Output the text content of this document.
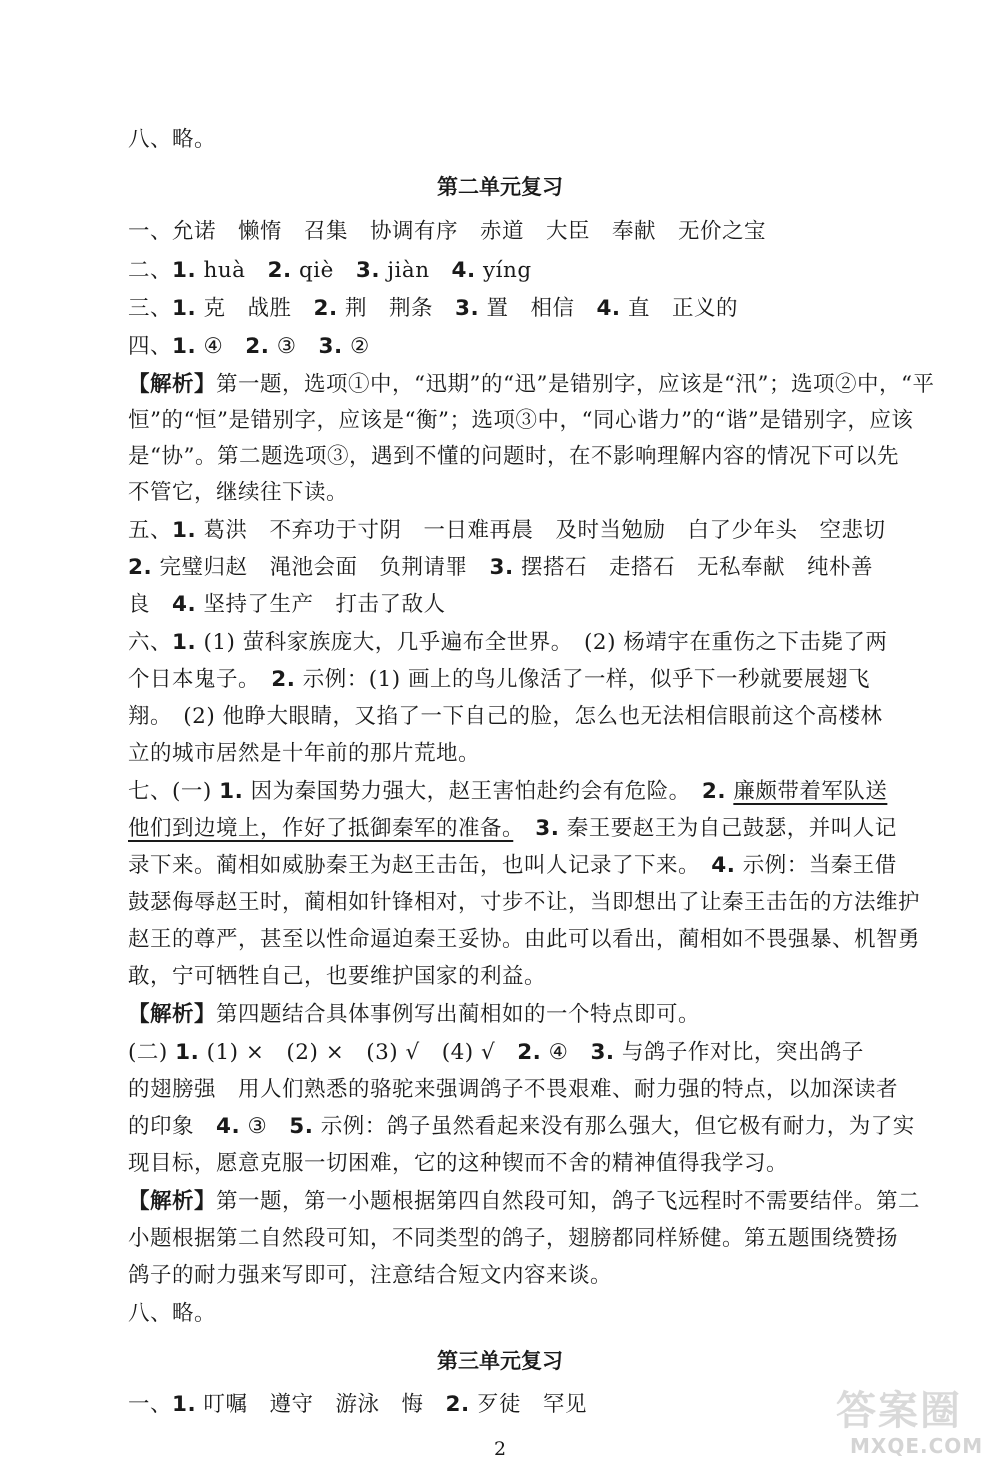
八、略。
第二单元复习
一、允诺　懒惰　召集　协调有序　赤道　大臣　奉献　无价之宝
二、1. huà　2. qiè　3. jiàn　4. yíng
三、1. 克　战胜　2. 荆　荆条　3. 置　相信　4. 直　正义的
四、1. ④　2. ③　3. ②
【解析】第一题，选项①中，“迅期”的“迅”是错别字，应该是“汛”；选项②中，“平
恒”的“恒”是错别字，应该是“衡”；选项③中，“同心谐力”的“谐”是错别字，应该
是“协”。第二题选项③，遇到不懂的问题时，在不影响理解内容的情况下可以先
不管它，继续往下读。
五、1. 葛洪　不弃功于寸阴　一日难再晨　及时当勉励　白了少年头　空悲切
2. 完璧归赵　渑池会面　负荆请罪　3. 摆搭石　走搭石　无私奉献　纯朴善
良　4. 坚持了生产　打击了敌人
六、1. (1) 萤科家族庞大，几乎遍布全世界。　(2) 杨靖宇在重伤之下击毙了两
个日本鬼子。　2. 示例：(1) 画上的鸟儿像活了一样，似乎下一秒就要展翅飞
翔。　(2) 他睁大眼睛，又掐了一下自己的脸，怎么也无法相信眼前这个高楼林
立的城市居然是十年前的那片荒地。
七、(一) 1. 因为秦国势力强大，赵王害怕赴约会有危险。　2. 廉颇带着军队送
他们到边境上，作好了抵御秦军的准备。　 3. 秦王要赵王为自己鼓瑟，并叫人记
录下来。蔺相如威胁秦王为赵王击缶，也叫人记录了下来。　4. 示例：当秦王借
鼓瑟侮辱赵王时，蔺相如针锋相对，寸步不让，当即想出了让秦王击缶的方法维护
赵王的尊严，甚至以性命逼迫秦王妥协。由此可以看出，蔺相如不畏强暴、机智勇
敢，宁可牺牲自己，也要维护国家的利益。
【解析】第四题结合具体事例写出蔺相如的一个特点即可。
(二) 1. (1) ×　(2) ×　(3) √　(4) √　2. ④　3. 与鸽子作对比，突出鸽子
的翅膀强　用人们熟悉的骆驼来强调鸽子不畏艰难、耐力强的特点，以加深读者
的印象　4. ③　5. 示例：鸽子虽然看起来没有那么强大，但它极有耐力，为了实
现目标，愿意克服一切困难，它的这种锲而不舍的精神值得我学习。
【解析】第一题，第一小题根据第四自然段可知，鸽子飞远程时不需要结伴。第二
小题根据第二自然段可知，不同类型的鸽子，翅膀都同样矫健。第五题围绕赞扬
鸽子的耐力强来写即可，注意结合短文内容来谈。
八、略。
第三单元复习
一、1. 叮嘱　遵守　游泳　悔　2. 歹徒　罕见
2
答案圈
MXQE.COM
